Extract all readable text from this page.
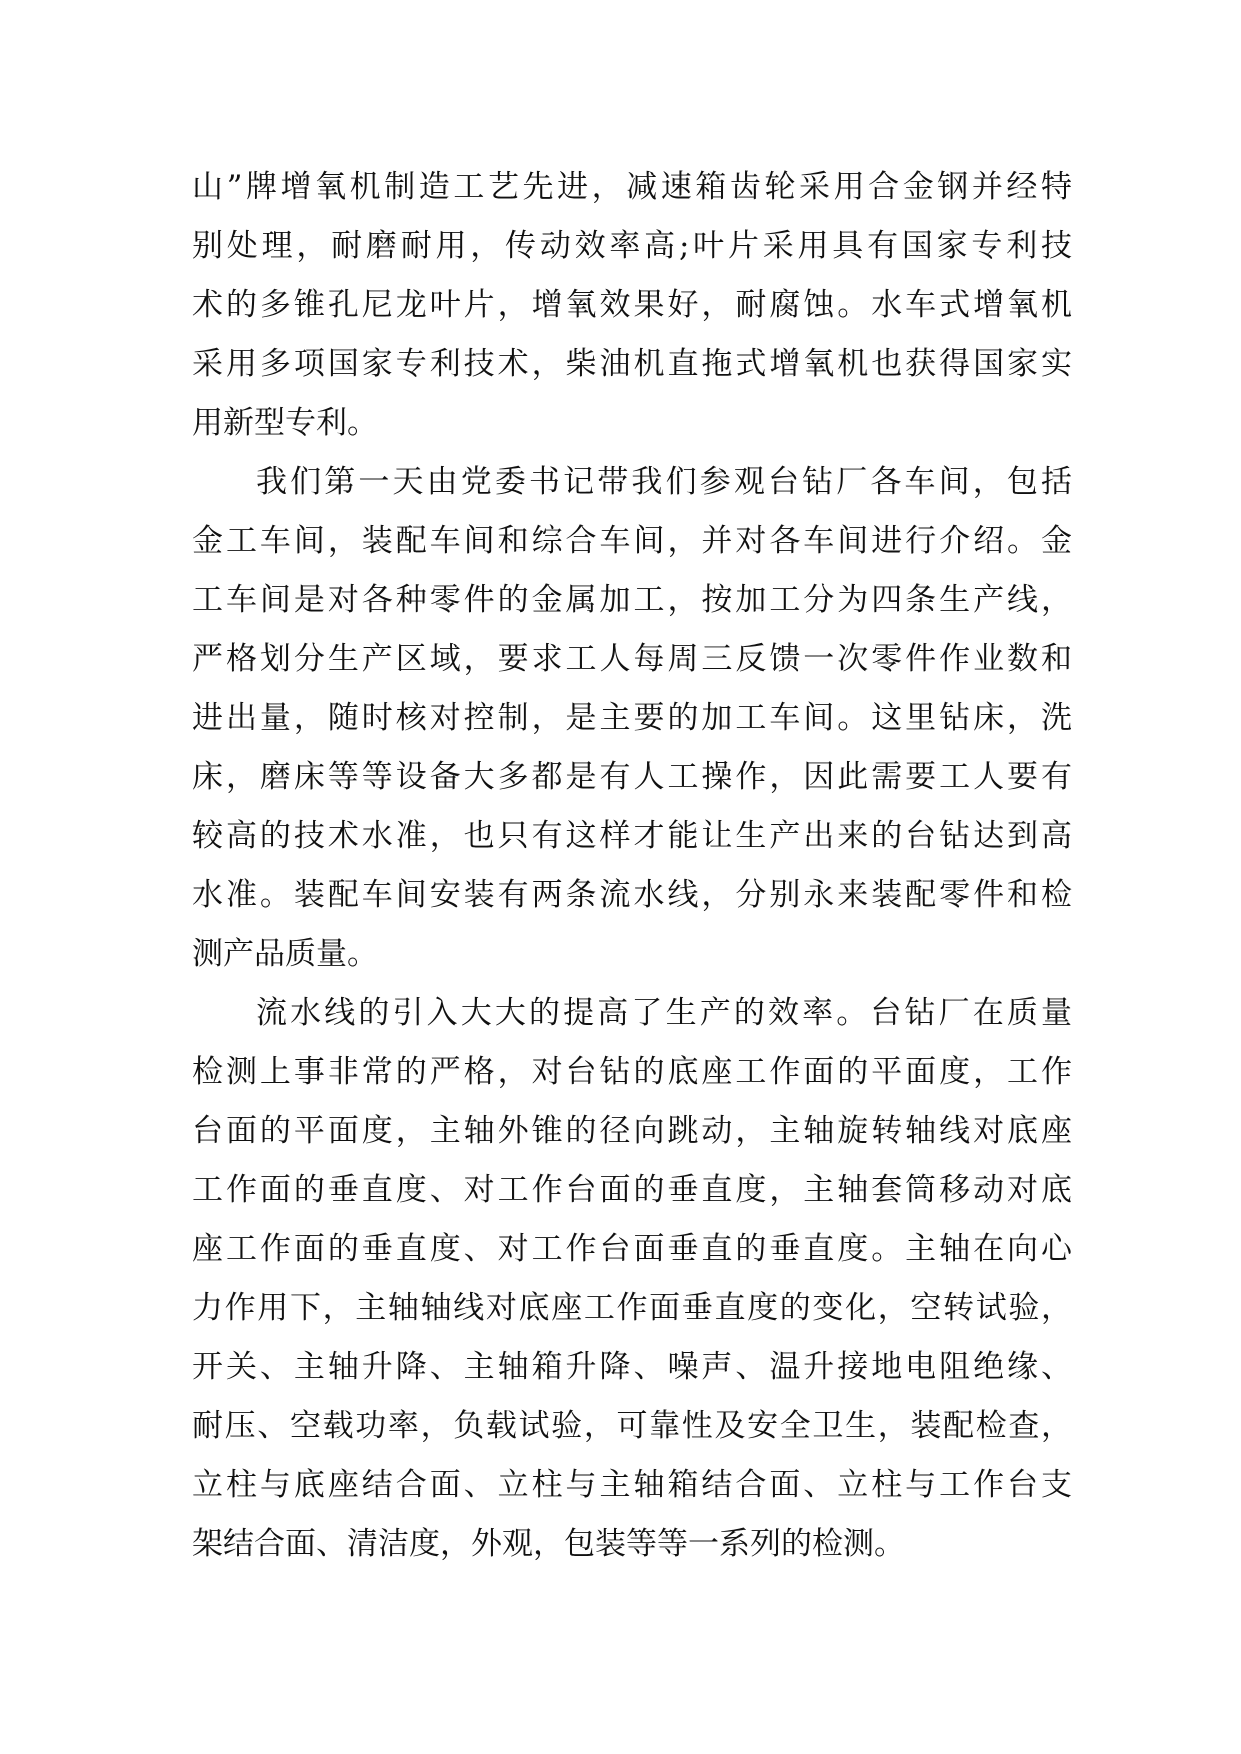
山”牌增氧机制造工艺先进，减速箱齿轮采用合金钢并经特
别处理，耐磨耐用，传动效率高;叶片采用具有国家专利技
术的多锥孔尼龙叶片，增氧效果好，耐腐蚀。水车式增氧机
采用多项国家专利技术，柴油机直拖式增氧机也获得国家实
用新型专利。
我们第一天由党委书记带我们参观台钻厂各车间，包括
金工车间，装配车间和综合车间，并对各车间进行介绍。金
工车间是对各种零件的金属加工，按加工分为四条生产线，
严格划分生产区域，要求工人每周三反馈一次零件作业数和
进出量，随时核对控制，是主要的加工车间。这里钻床，洗
床，磨床等等设备大多都是有人工操作，因此需要工人要有
较高的技术水准，也只有这样才能让生产出来的台钻达到高
水准。装配车间安装有两条流水线，分别永来装配零件和检
测产品质量。
流水线的引入大大的提高了生产的效率。台钻厂在质量
检测上事非常的严格，对台钻的底座工作面的平面度，工作
台面的平面度，主轴外锥的径向跳动，主轴旋转轴线对底座
工作面的垂直度、对工作台面的垂直度，主轴套筒移动对底
座工作面的垂直度、对工作台面垂直的垂直度。主轴在向心
力作用下，主轴轴线对底座工作面垂直度的变化，空转试验，
开关、主轴升降、主轴箱升降、噪声、温升接地电阻绝缘、
耐压、空载功率，负载试验，可靠性及安全卫生，装配检查，
立柱与底座结合面、立柱与主轴箱结合面、立柱与工作台支
架结合面、清洁度，外观，包装等等一系列的检测。
